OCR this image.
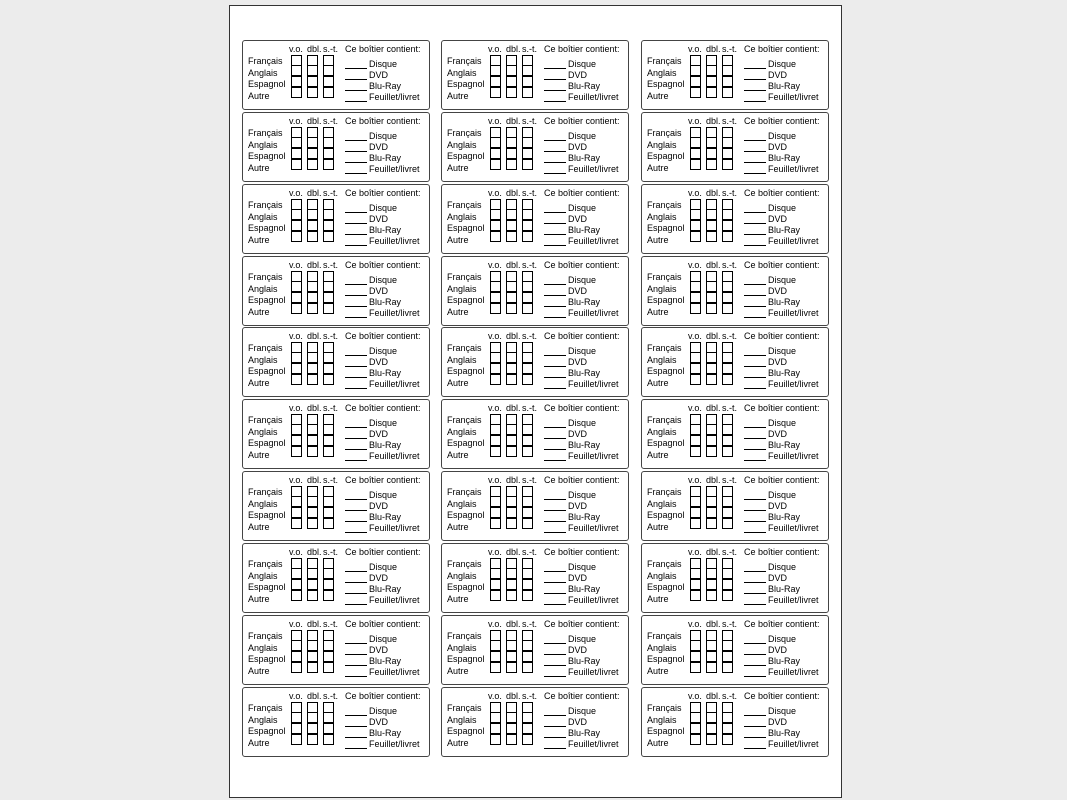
v.o. dbl. s.-t. Ce boîtier contient:
Français
Anglais
Espagnol
Autre
Disque
DVD
Blu-Ray
Feuillet/livret
v.o. dbl. s.-t. Ce boîtier contient:
Français
Anglais
Espagnol
Autre
Disque
DVD
Blu-Ray
Feuillet/livret
v.o. dbl. s.-t. Ce boîtier contient:
Français
Anglais
Espagnol
Autre
Disque
DVD
Blu-Ray
Feuillet/livret
v.o. dbl. s.-t. Ce boîtier contient:
Français
Anglais
Espagnol
Autre
Disque
DVD
Blu-Ray
Feuillet/livret
v.o. dbl. s.-t. Ce boîtier contient:
Français
Anglais
Espagnol
Autre
Disque
DVD
Blu-Ray
Feuillet/livret
v.o. dbl. s.-t. Ce boîtier contient:
Français
Anglais
Espagnol
Autre
Disque
DVD
Blu-Ray
Feuillet/livret
v.o. dbl. s.-t. Ce boîtier contient:
Français
Anglais
Espagnol
Autre
Disque
DVD
Blu-Ray
Feuillet/livret
v.o. dbl. s.-t. Ce boîtier contient:
Français
Anglais
Espagnol
Autre
Disque
DVD
Blu-Ray
Feuillet/livret
v.o. dbl. s.-t. Ce boîtier contient:
Français
Anglais
Espagnol
Autre
Disque
DVD
Blu-Ray
Feuillet/livret
v.o. dbl. s.-t. Ce boîtier contient:
Français
Anglais
Espagnol
Autre
Disque
DVD
Blu-Ray
Feuillet/livret
v.o. dbl. s.-t. Ce boîtier contient:
Français
Anglais
Espagnol
Autre
Disque
DVD
Blu-Ray
Feuillet/livret
v.o. dbl. s.-t. Ce boîtier contient:
Français
Anglais
Espagnol
Autre
Disque
DVD
Blu-Ray
Feuillet/livret
v.o. dbl. s.-t. Ce boîtier contient:
Français
Anglais
Espagnol
Autre
Disque
DVD
Blu-Ray
Feuillet/livret
v.o. dbl. s.-t. Ce boîtier contient:
Français
Anglais
Espagnol
Autre
Disque
DVD
Blu-Ray
Feuillet/livret
v.o. dbl. s.-t. Ce boîtier contient:
Français
Anglais
Espagnol
Autre
Disque
DVD
Blu-Ray
Feuillet/livret
v.o. dbl. s.-t. Ce boîtier contient:
Français
Anglais
Espagnol
Autre
Disque
DVD
Blu-Ray
Feuillet/livret
v.o. dbl. s.-t. Ce boîtier contient:
Français
Anglais
Espagnol
Autre
Disque
DVD
Blu-Ray
Feuillet/livret
v.o. dbl. s.-t. Ce boîtier contient:
Français
Anglais
Espagnol
Autre
Disque
DVD
Blu-Ray
Feuillet/livret
v.o. dbl. s.-t. Ce boîtier contient:
Français
Anglais
Espagnol
Autre
Disque
DVD
Blu-Ray
Feuillet/livret
v.o. dbl. s.-t. Ce boîtier contient:
Français
Anglais
Espagnol
Autre
Disque
DVD
Blu-Ray
Feuillet/livret
v.o. dbl. s.-t. Ce boîtier contient:
Français
Anglais
Espagnol
Autre
Disque
DVD
Blu-Ray
Feuillet/livret
v.o. dbl. s.-t. Ce boîtier contient:
Français
Anglais
Espagnol
Autre
Disque
DVD
Blu-Ray
Feuillet/livret
v.o. dbl. s.-t. Ce boîtier contient:
Français
Anglais
Espagnol
Autre
Disque
DVD
Blu-Ray
Feuillet/livret
v.o. dbl. s.-t. Ce boîtier contient:
Français
Anglais
Espagnol
Autre
Disque
DVD
Blu-Ray
Feuillet/livret
v.o. dbl. s.-t. Ce boîtier contient:
Français
Anglais
Espagnol
Autre
Disque
DVD
Blu-Ray
Feuillet/livret
v.o. dbl. s.-t. Ce boîtier contient:
Français
Anglais
Espagnol
Autre
Disque
DVD
Blu-Ray
Feuillet/livret
v.o. dbl. s.-t. Ce boîtier contient:
Français
Anglais
Espagnol
Autre
Disque
DVD
Blu-Ray
Feuillet/livret
v.o. dbl. s.-t. Ce boîtier contient:
Français
Anglais
Espagnol
Autre
Disque
DVD
Blu-Ray
Feuillet/livret
v.o. dbl. s.-t. Ce boîtier contient:
Français
Anglais
Espagnol
Autre
Disque
DVD
Blu-Ray
Feuillet/livret
v.o. dbl. s.-t. Ce boîtier contient:
Français
Anglais
Espagnol
Autre
Disque
DVD
Blu-Ray
Feuillet/livret
